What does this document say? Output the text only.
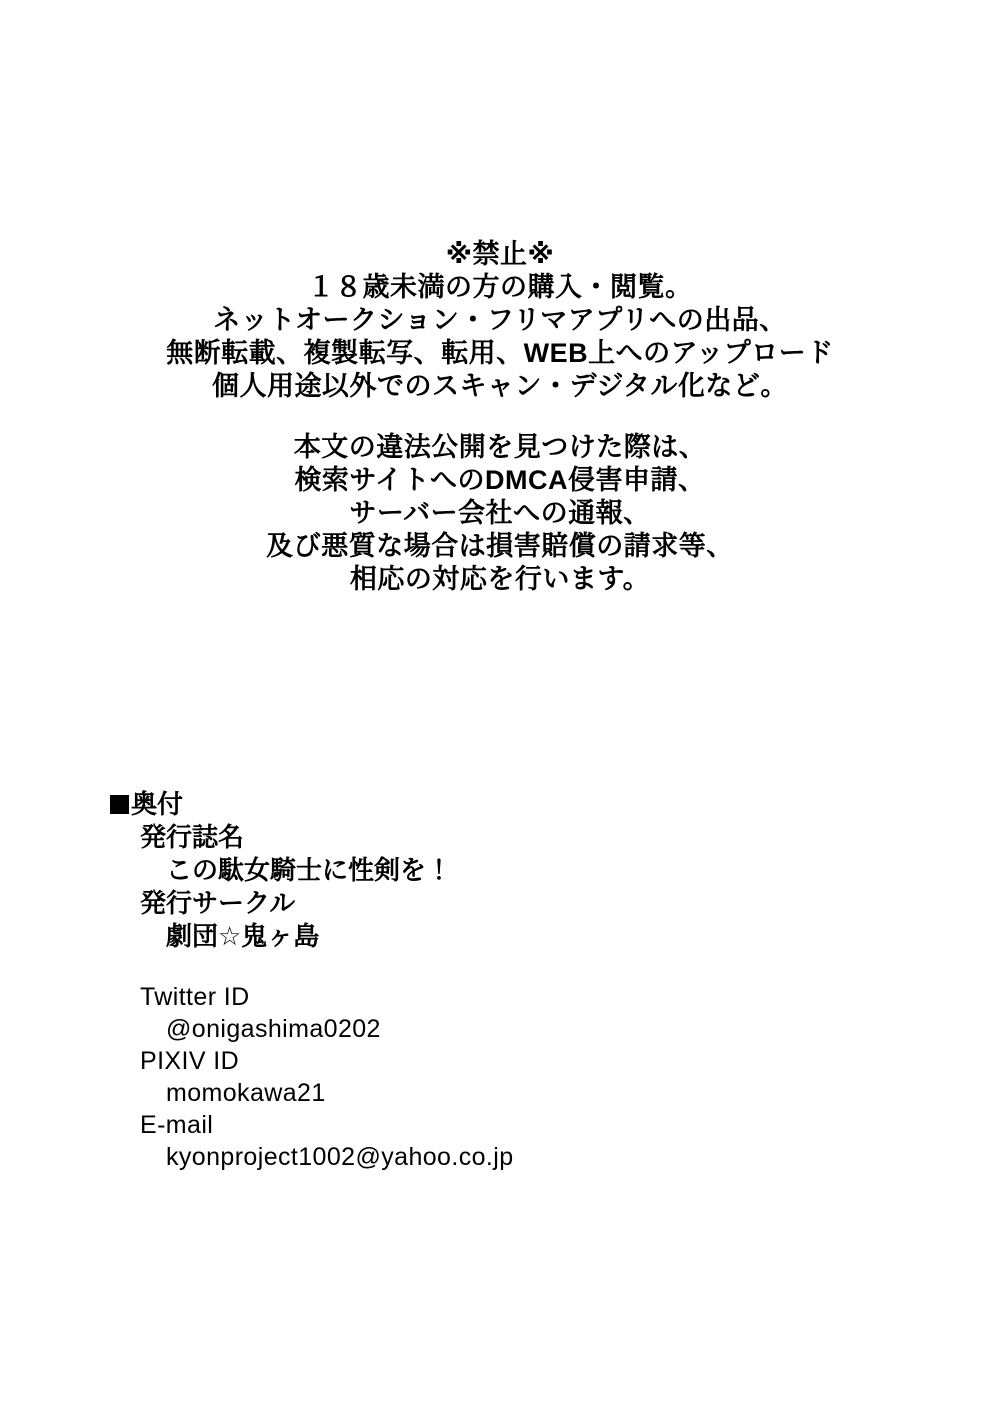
※禁止※
１８歳未満の方の購入・閲覧。
ネットオークション・フリマアプリへの出品、
無断転載、複製転写、転用、WEB上へのアップロード
個人用途以外でのスキャン・デジタル化など。
本文の違法公開を見つけた際は、
検索サイトへのDMCA侵害申請、
サーバー会社への通報、
及び悪質な場合は損害賠償の請求等、
相応の対応を行います。
奥付
発行誌名
この駄女騎士に性剣を！
発行サークル
劇団☆鬼ヶ島
Twitter ID
@onigashima0202
PIXIV ID
momokawa21
E-mail
kyonproject1002@yahoo.co.jp
